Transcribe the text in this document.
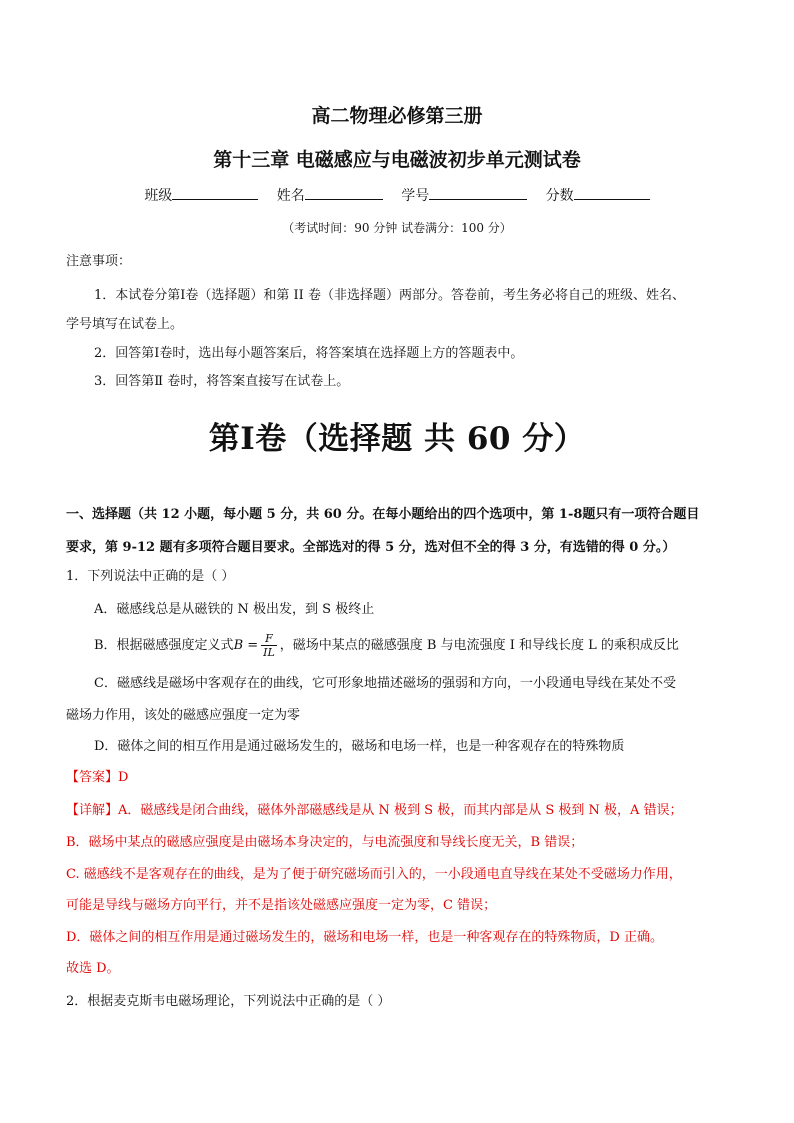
高二物理必修第三册
第十三章 电磁感应与电磁波初步单元测试卷
班级	姓名	学号	分数
（考试时间：90 分钟 试卷满分：100 分）
注意事项：
1．本试卷分第Ⅰ卷（选择题）和第 II 卷（非选择题）两部分。答卷前，考生务必将自己的班级、姓名、
学号填写在试卷上。
2．回答第Ⅰ卷时，选出每小题答案后，将答案填在选择题上方的答题表中。
3．回答第Ⅱ 卷时，将答案直接写在试卷上。
第Ⅰ卷（选择题 共 60 分）
一、选择题（共 12 小题，每小题 5 分，共 60 分。在每小题给出的四个选项中，第 1-8题只有一项符合题目
要求，第 9-12 题有多项符合题目要求。全部选对的得 5 分，选对但不全的得 3 分，有选错的得 0 分。）
1．下列说法中正确的是（ ）
A．磁感线总是从磁铁的 N 极出发，到 S 极终止
B．根据磁感强度定义式$B = \frac{F}{IL}$ ，磁场中某点的磁感强度 B 与电流强度 I 和导线长度 L 的乘积成反比
C．磁感线是磁场中客观存在的曲线，它可形象地描述磁场的强弱和方向，一小段通电导线在某处不受
磁场力作用，该处的磁感应强度一定为零
D．磁体之间的相互作用是通过磁场发生的，磁场和电场一样，也是一种客观存在的特殊物质
【答案】D
【详解】A．磁感线是闭合曲线，磁体外部磁感线是从 N 极到 S 极，而其内部是从 S 极到 N 极，A 错误；
B．磁场中某点的磁感应强度是由磁场本身决定的，与电流强度和导线长度无关，B 错误；
C. 磁感线不是客观存在的曲线，是为了便于研究磁场而引入的，一小段通电直导线在某处不受磁场力作用，
可能是导线与磁场方向平行，并不是指该处磁感应强度一定为零，C 错误；
D．磁体之间的相互作用是通过磁场发生的，磁场和电场一样，也是一种客观存在的特殊物质，D 正确。
故选 D。
2．根据麦克斯韦电磁场理论，下列说法中正确的是（ ）
